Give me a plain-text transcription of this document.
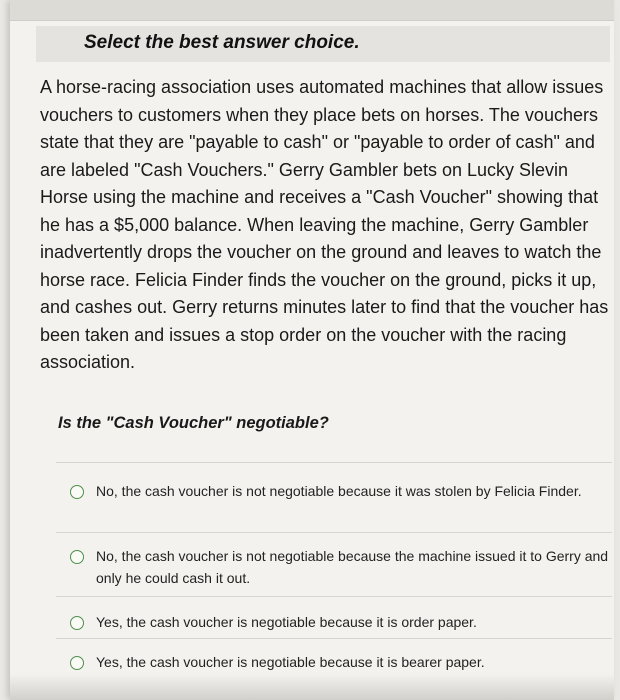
Select the best answer choice.

A horse-racing association uses automated machines that allow issues vouchers to customers when they place bets on horses. The vouchers state that they are "payable to cash" or "payable to order of cash" and are labeled "Cash Vouchers." Gerry Gambler bets on Lucky Slevin Horse using the machine and receives a "Cash Voucher" showing that he has a $5,000 balance. When leaving the machine, Gerry Gambler inadvertently drops the voucher on the ground and leaves to watch the horse race. Felicia Finder finds the voucher on the ground, picks it up, and cashes out. Gerry returns minutes later to find that the voucher has been taken and issues a stop order on the voucher with the racing association.

Is the "Cash Voucher" negotiable?
No, the cash voucher is not negotiable because it was stolen by Felicia Finder.
No, the cash voucher is not negotiable because the machine issued it to Gerry and only he could cash it out.
Yes, the cash voucher is negotiable because it is order paper.
Yes, the cash voucher is negotiable because it is bearer paper.
